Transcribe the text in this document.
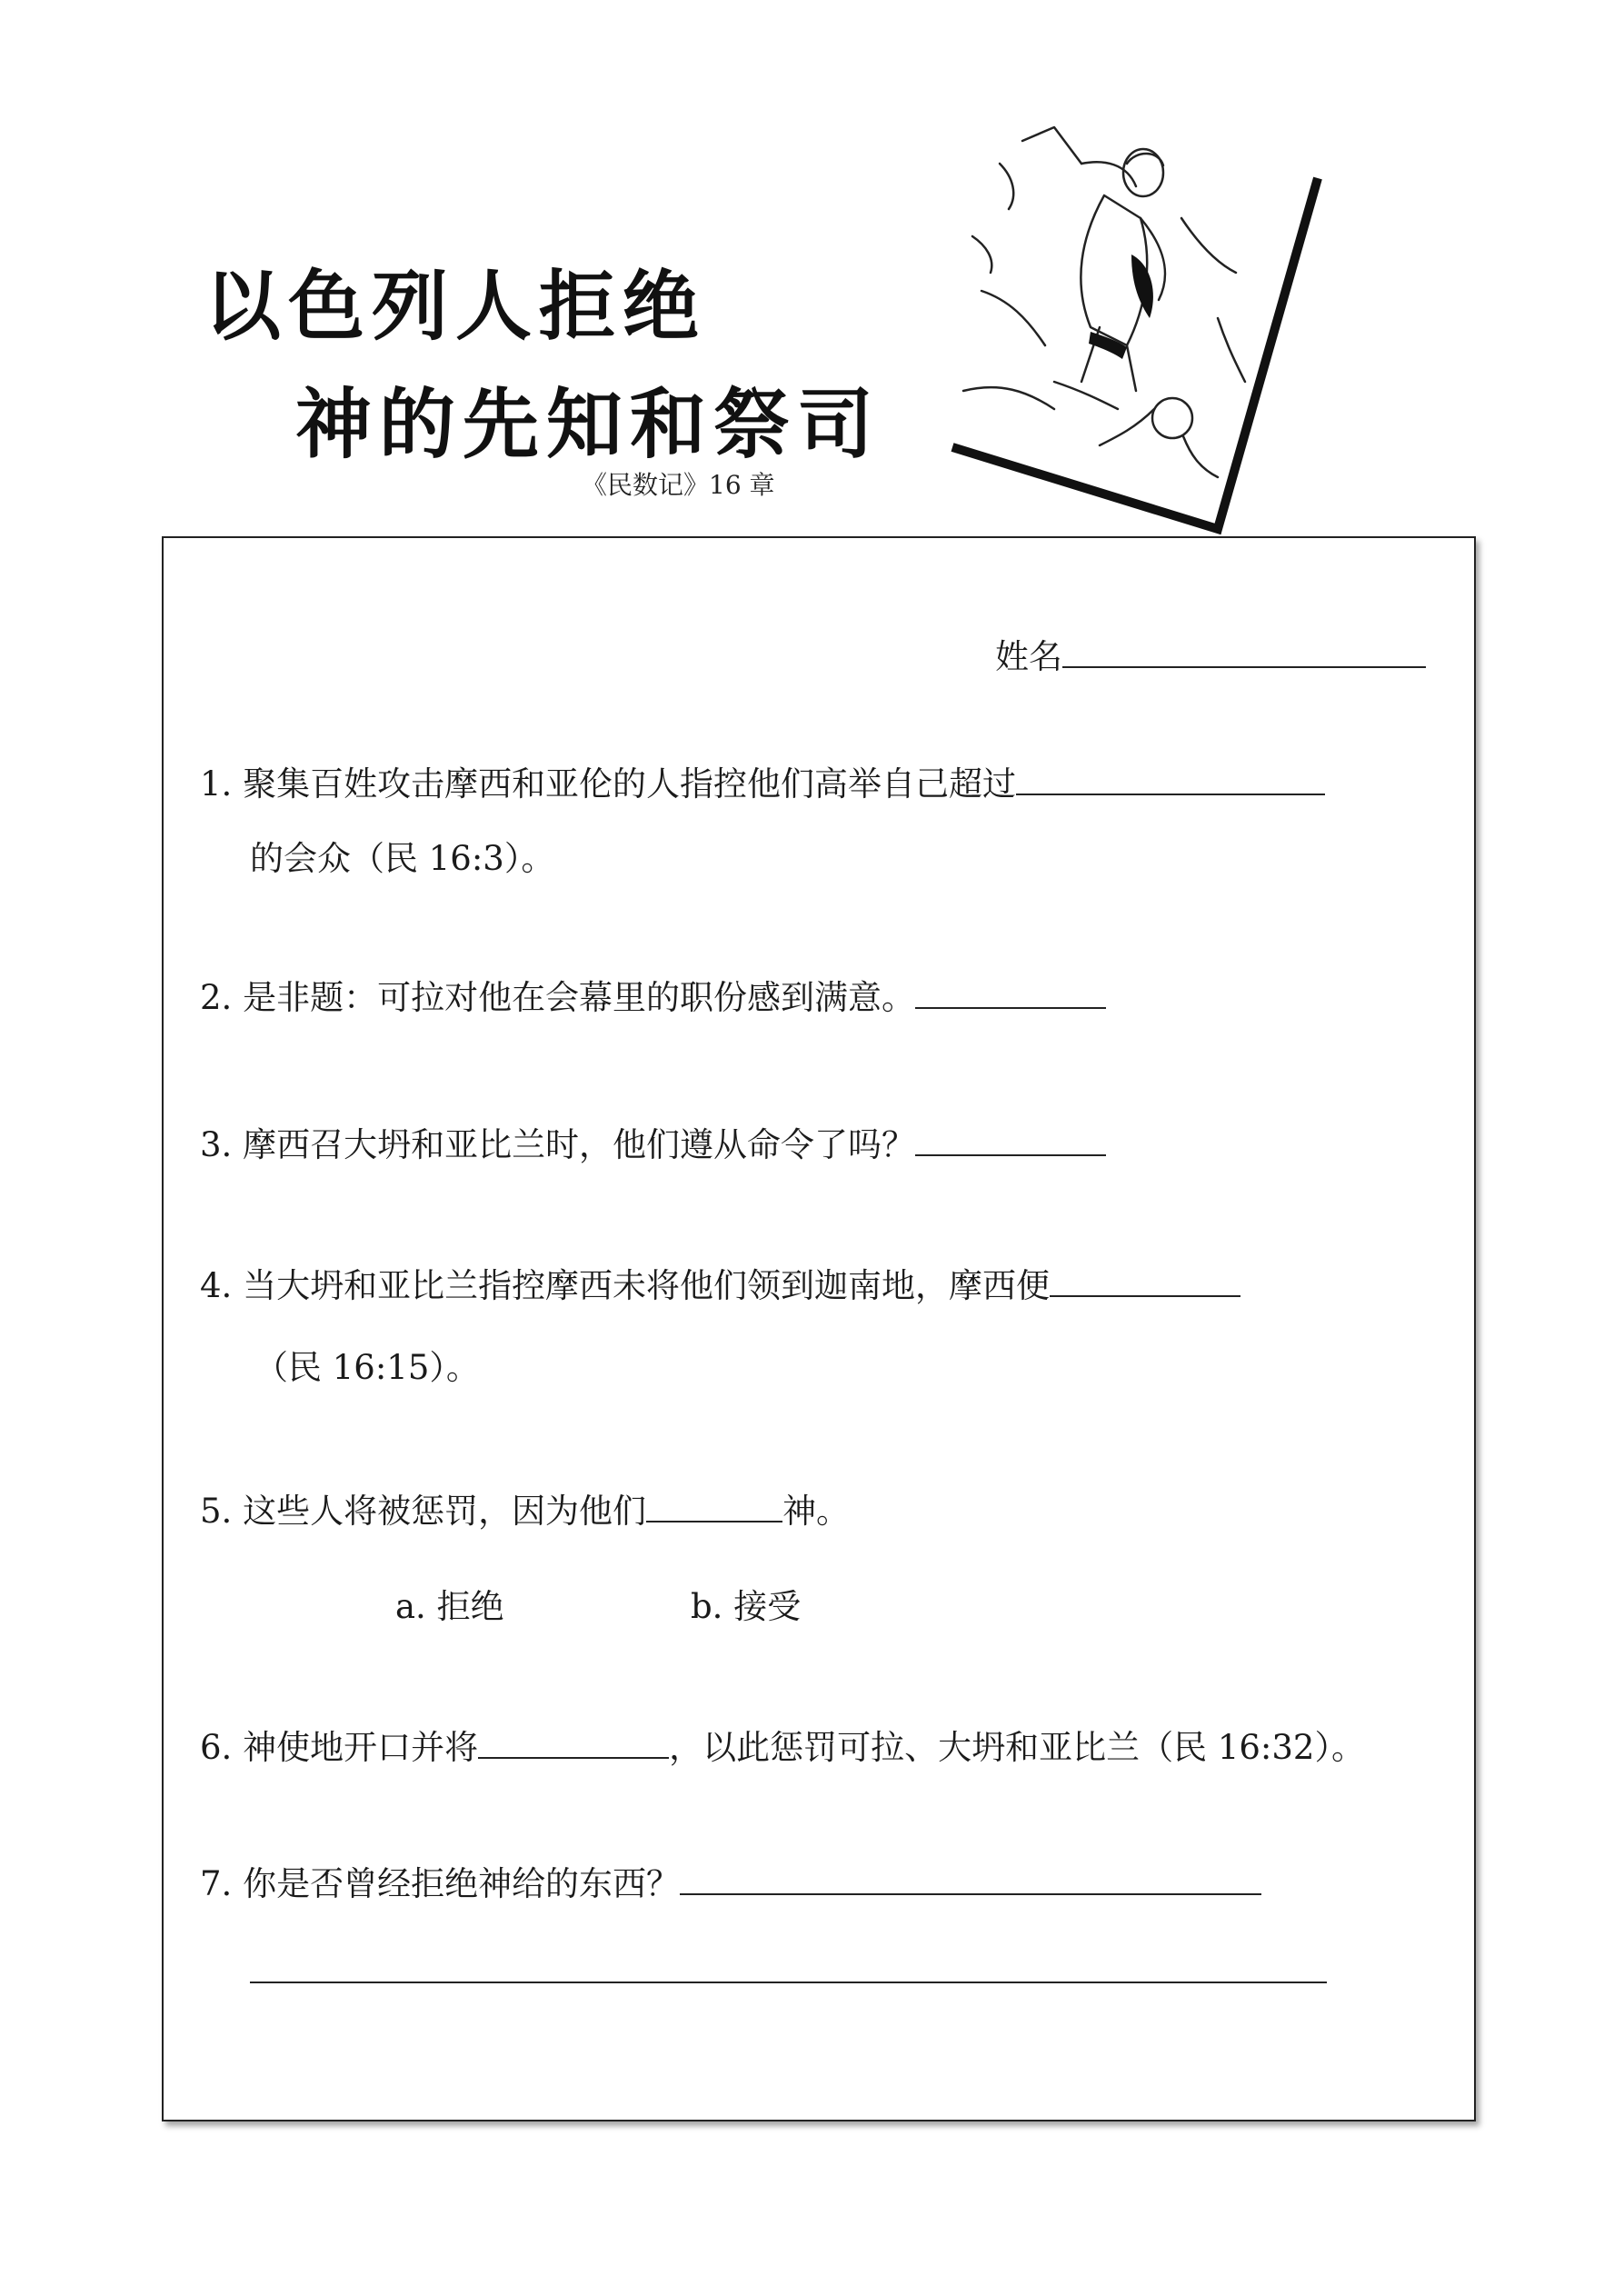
以色列人拒绝
神的先知和祭司
《民数记》16 章
姓名
1. 聚集百姓攻击摩西和亚伦的人指控他们高举自己超过
的会众（民 16:3）。
2. 是非题：可拉对他在会幕里的职份感到满意。
3. 摩西召大坍和亚比兰时，他们遵从命令了吗？
4. 当大坍和亚比兰指控摩西未将他们领到迦南地，摩西便
（民 16:15）。
5. 这些人将被惩罚，因为他们	神。
a. 拒绝	b. 接受
6. 神使地开口并将	，以此惩罚可拉、大坍和亚比兰（民 16:32）。
7. 你是否曾经拒绝神给的东西？
